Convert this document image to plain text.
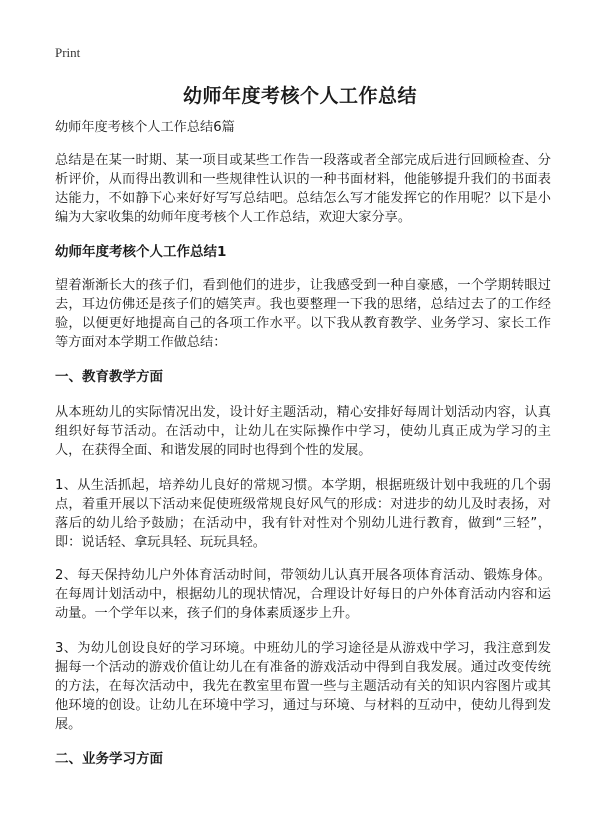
Print
幼师年度考核个人工作总结

幼师年度考核个人工作总结6篇

总结是在某一时期、某一项目或某些工作告一段落或者全部完成后进行回顾检查、分析评价，从而得出教训和一些规律性认识的一种书面材料，他能够提升我们的书面表达能力，不如静下心来好好写写总结吧。总结怎么写才能发挥它的作用呢？以下是小编为大家收集的幼师年度考核个人工作总结，欢迎大家分享。

幼师年度考核个人工作总结1

望着渐渐长大的孩子们，看到他们的进步，让我感受到一种自豪感，一个学期转眼过去，耳边仿佛还是孩子们的嬉笑声。我也要整理一下我的思绪，总结过去了的工作经验，以便更好地提高自己的各项工作水平。以下我从教育教学、业务学习、家长工作等方面对本学期工作做总结：

一、教育教学方面

从本班幼儿的实际情况出发，设计好主题活动，精心安排好每周计划活动内容，认真组织好每节活动。在活动中，让幼儿在实际操作中学习，使幼儿真正成为学习的主人，在获得全面、和谐发展的同时也得到个性的发展。

1、从生活抓起，培养幼儿良好的常规习惯。本学期，根据班级计划中我班的几个弱点，着重开展以下活动来促使班级常规良好风气的形成：对进步的幼儿及时表扬，对落后的幼儿给予鼓励；在活动中，我有针对性对个别幼儿进行教育，做到“三轻”，即：说话轻、拿玩具轻、玩玩具轻。

2、每天保持幼儿户外体育活动时间，带领幼儿认真开展各项体育活动、锻炼身体。在每周计划活动中，根据幼儿的现状情况，合理设计好每日的户外体育活动内容和运动量。一个学年以来，孩子们的身体素质逐步上升。

3、为幼儿创设良好的学习环境。中班幼儿的学习途径是从游戏中学习，我注意到发掘每一个活动的游戏价值让幼儿在有准备的游戏活动中得到自我发展。通过改变传统的方法，在每次活动中，我先在教室里布置一些与主题活动有关的知识内容图片或其他环境的创设。让幼儿在环境中学习，通过与环境、与材料的互动中，使幼儿得到发展。

二、业务学习方面
